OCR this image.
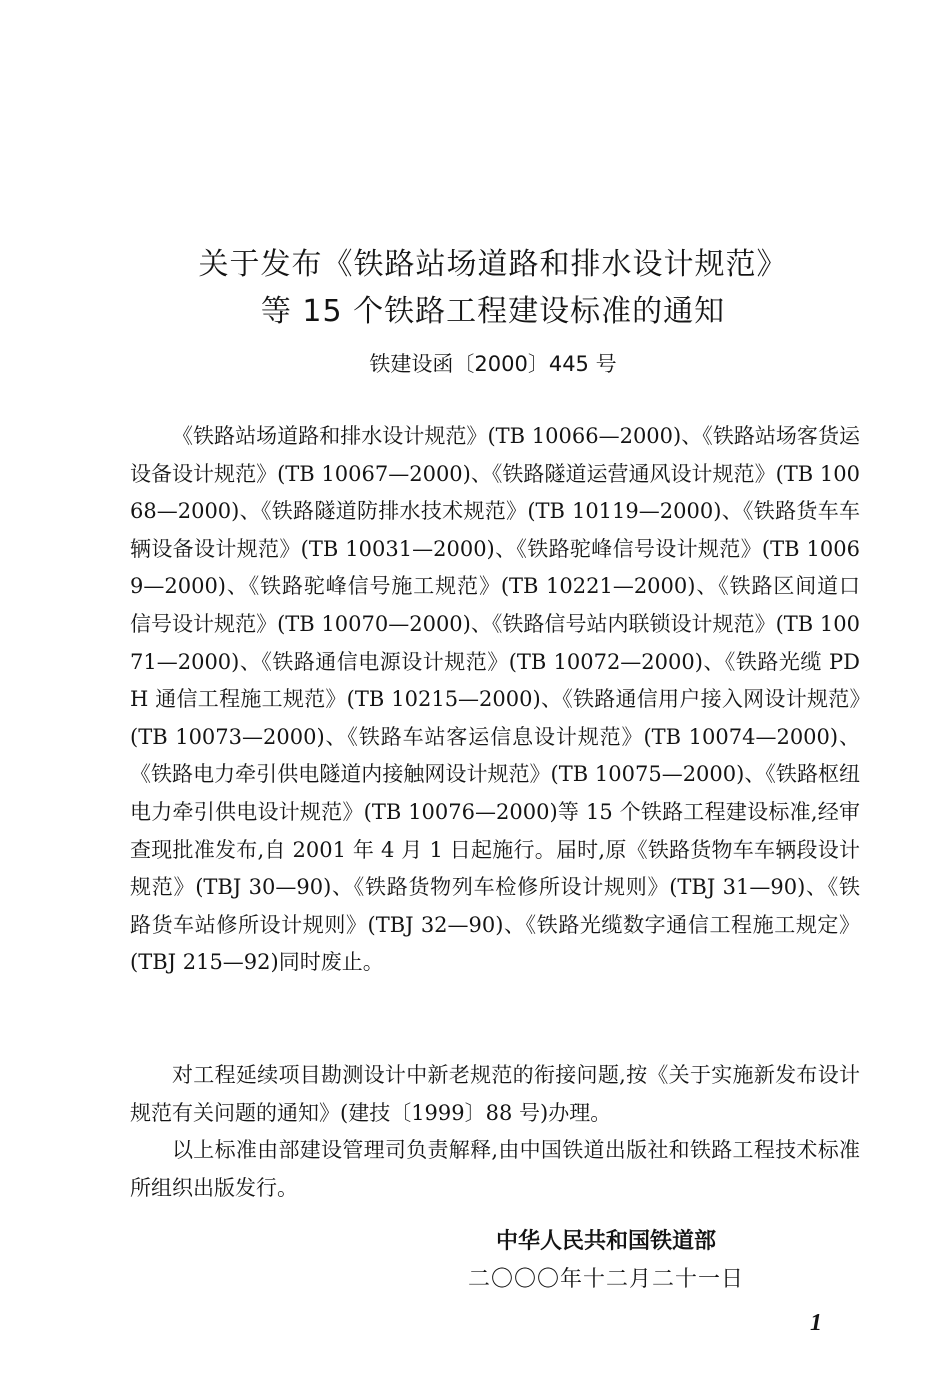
关于发布《铁路站场道路和排水设计规范》
等 15 个铁路工程建设标准的通知
铁建设函〔2000〕445 号

《铁路站场道路和排水设计规范》(TB 10066—2000)、《铁路站场客货运设备设计规范》(TB 10067—2000)、《铁路隧道运营通风设计规范》(TB 10068—2000)、《铁路隧道防排水技术规范》(TB 10119—2000)、《铁路货车车辆设备设计规范》(TB 10031—2000)、《铁路驼峰信号设计规范》(TB 10069—2000)、《铁路驼峰信号施工规范》(TB 10221—2000)、《铁路区间道口信号设计规范》(TB 10070—2000)、《铁路信号站内联锁设计规范》(TB 10071—2000)、《铁路通信电源设计规范》(TB 10072—2000)、《铁路光缆 PDH 通信工程施工规范》(TB 10215—2000)、《铁路通信用户接入网设计规范》(TB 10073—2000)、《铁路车站客运信息设计规范》(TB 10074—2000)、《铁路电力牵引供电隧道内接触网设计规范》(TB 10075—2000)、《铁路枢纽电力牵引供电设计规范》(TB 10076—2000)等 15 个铁路工程建设标准,经审查现批准发布,自 2001 年 4 月 1 日起施行。届时,原《铁路货物车车辆段设计规范》(TBJ 30—90)、《铁路货物列车检修所设计规则》(TBJ 31—90)、《铁路货车站修所设计规则》(TBJ 32—90)、《铁路光缆数字通信工程施工规定》(TBJ 215—92)同时废止。

对工程延续项目勘测设计中新老规范的衔接问题,按《关于实施新发布设计规范有关问题的通知》(建技〔1999〕88 号)办理。

以上标准由部建设管理司负责解释,由中国铁道出版社和铁路工程技术标准所组织出版发行。

中华人民共和国铁道部
二〇〇〇年十二月二十一日
1
